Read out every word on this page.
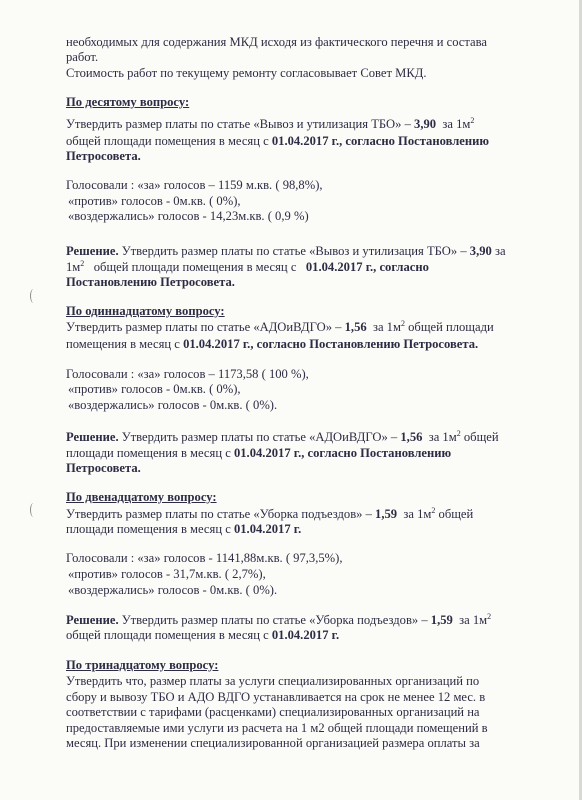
необходимых для содержания МКД исходя из фактического перечня и состава
работ.
Стоимость работ по текущему ремонту согласовывает Совет МКД.
По десятому вопросу:
Утвердить размер платы по статье «Вывоз и утилизация ТБО» – 3,90 за $1м^2$
общей площади помещения в месяц с 01.04.2017 г., согласно Постановлению
Петросовета.
Голосовали : «за» голосов – 1159 м.кв. ( 98,8%),
«против» голосов - 0м.кв. ( 0%),
«воздержались» голосов - 14,23м.кв. ( 0,9 %)
Решение. Утвердить размер платы по статье «Вывоз и утилизация ТБО» – 3,90 за
$1м^2$ общей площади помещения в месяц с 01.04.2017 г., согласно
Постановлению Петросовета.
По одиннадцатому вопросу:
Утвердить размер платы по статье «АДОиВДГО» – 1,56 за $1м^2$ общей площади
помещения в месяц с 01.04.2017 г., согласно Постановлению Петросовета.
Голосовали : «за» голосов – 1173,58 ( 100 %),
«против» голосов - 0м.кв. ( 0%),
«воздержались» голосов - 0м.кв. ( 0%).
Решение. Утвердить размер платы по статье «АДОиВДГО» – 1,56 за $1м^2$ общей
площади помещения в месяц с 01.04.2017 г., согласно Постановлению
Петросовета.
По двенадцатому вопросу:
Утвердить размер платы по статье «Уборка подъездов» – 1,59 за $1м^2$ общей
площади помещения в месяц с 01.04.2017 г.
Голосовали : «за» голосов - 1141,88м.кв. ( 97,3,5%),
«против» голосов - 31,7м.кв. ( 2,7%),
«воздержались» голосов - 0м.кв. ( 0%).
Решение. Утвердить размер платы по статье «Уборка подъездов» – 1,59 за $1м^2$
общей площади помещения в месяц с 01.04.2017 г.
По тринадцатому вопросу:
Утвердить что, размер платы за услуги специализированных организаций по
сбору и вывозу ТБО и АДО ВДГО устанавливается на срок не менее 12 мес. в
соответствии с тарифами (расценками) специализированных организаций на
предоставляемые ими услуги из расчета на 1 м2 общей площади помещений в
месяц. При изменении специализированной организацией размера оплаты за
